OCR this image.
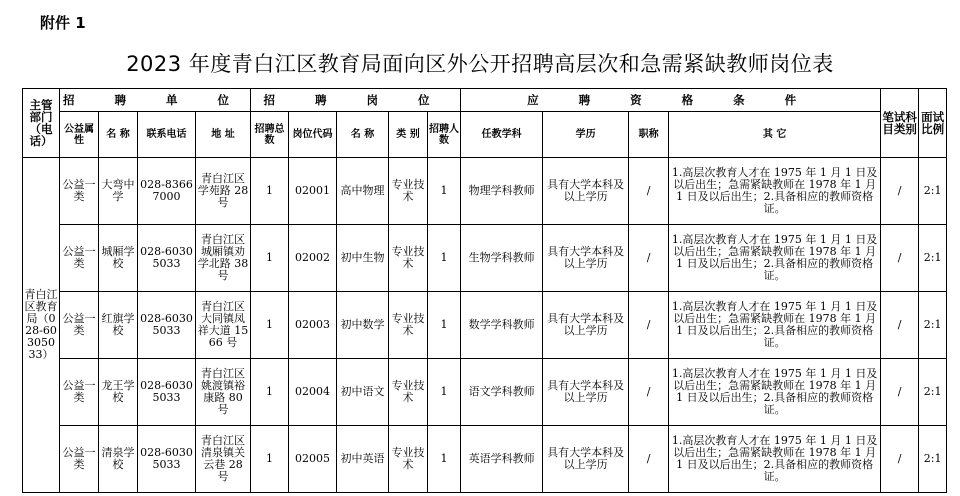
附件 1
2023 年度青白江区教育局面向区外公开招聘高层次和急需紧缺教师岗位表
主管部门（电话）	招 聘 单 位				招 聘 岗 位					应 聘 资 格 条 件				笔试科目类别	面试比例
	公益属性	名 称	联系电话	地 址	招聘总数	岗位代码	名 称	类 别	招聘人数	任教学科	学历	职称	其 它		
青白江区教育局（028-60305033）	公益一类	大弯中学	028-83667000	青白江区学苑路 28 号	1	02001	高中物理	专业技术	1	物理学科教师	具有大学本科及以上学历	/	1.高层次教育人才在 1975 年 1 月 1 日及以后出生；急需紧缺教师在 1978 年 1 月 1 日及以后出生；2.具备相应的教师资格证。	/	2:1
	公益一类	城厢学校	028-60305033	青白江区城厢镇劝学北路 38 号	1	02002	初中生物	专业技术	1	生物学科教师	具有大学本科及以上学历	/	1.高层次教育人才在 1975 年 1 月 1 日及以后出生；急需紧缺教师在 1978 年 1 月 1 日及以后出生；2.具备相应的教师资格证。	/	2:1
	公益一类	红旗学校	028-60305033	青白江区大同镇凤祥大道 1566 号	1	02003	初中数学	专业技术	1	数学学科教师	具有大学本科及以上学历	/	1.高层次教育人才在 1975 年 1 月 1 日及以后出生；急需紧缺教师在 1978 年 1 月 1 日及以后出生；2.具备相应的教师资格证。	/	2:1
	公益一类	龙王学校	028-60305033	青白江区姚渡镇裕康路 80 号	1	02004	初中语文	专业技术	1	语文学科教师	具有大学本科及以上学历	/	1.高层次教育人才在 1975 年 1 月 1 日及以后出生；急需紧缺教师在 1978 年 1 月 1 日及以后出生；2.具备相应的教师资格证。	/	2:1
	公益一类	清泉学校	028-60305033	青白江区清泉镇关云巷 28 号	1	02005	初中英语	专业技术	1	英语学科教师	具有大学本科及以上学历	/	1.高层次教育人才在 1975 年 1 月 1 日及以后出生；急需紧缺教师在 1978 年 1 月 1 日及以后出生；2.具备相应的教师资格证。	/	2:1
